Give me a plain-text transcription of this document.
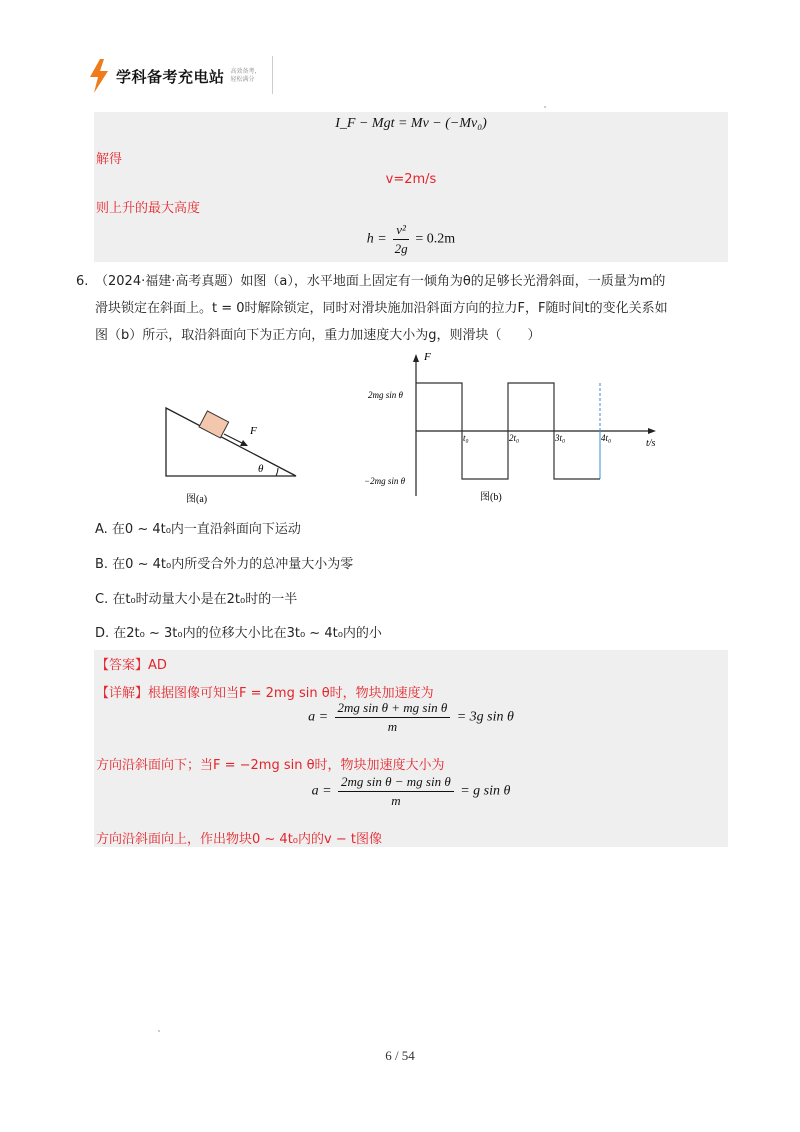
学科备考充电站 高效备考,
轻松满分
I_F − Mgt = Mv − (−Mv₀)
解得
v=2m/s
则上升的最大高度
$h = \frac{\text{v²}}{2g} = 0.2m$
6. （2024·福建·高考真题）如图（a），水平地面上固定有一倾角为θ的足够长光滑斜面，一质量为m的
滑块锁定在斜面上。t = 0时解除锁定，同时对滑块施加沿斜面方向的拉力F，F随时间t的变化关系如
图（b）所示，取沿斜面向下为正方向，重力加速度大小为g，则滑块（　　）
F
θ
图(a)
F
t/s
2mg sin θ
−2mg sin θ
t₀	2t₀	3t₀	4t₀
图(b)
A. 在0 ~ 4t₀内一直沿斜面向下运动
B. 在0 ~ 4t₀内所受合外力的总冲量大小为零
C. 在t₀时动量大小是在2t₀时的一半
D. 在2t₀ ~ 3t₀内的位移大小比在3t₀ ~ 4t₀内的小
【答案】AD
【详解】根据图像可知当F = 2mg sin θ时，物块加速度为
$a = \frac{\text{2mg sin θ + mg sin θ}}{m} = 3g$ sin θ
方向沿斜面向下；当F = −2mg sin θ时，物块加速度大小为
$a = \frac{\text{2mg sin θ − mg sin θ}}{m} = g$ sin θ
方向沿斜面向上，作出物块0 ~ 4t₀内的v − t图像
6 / 54
